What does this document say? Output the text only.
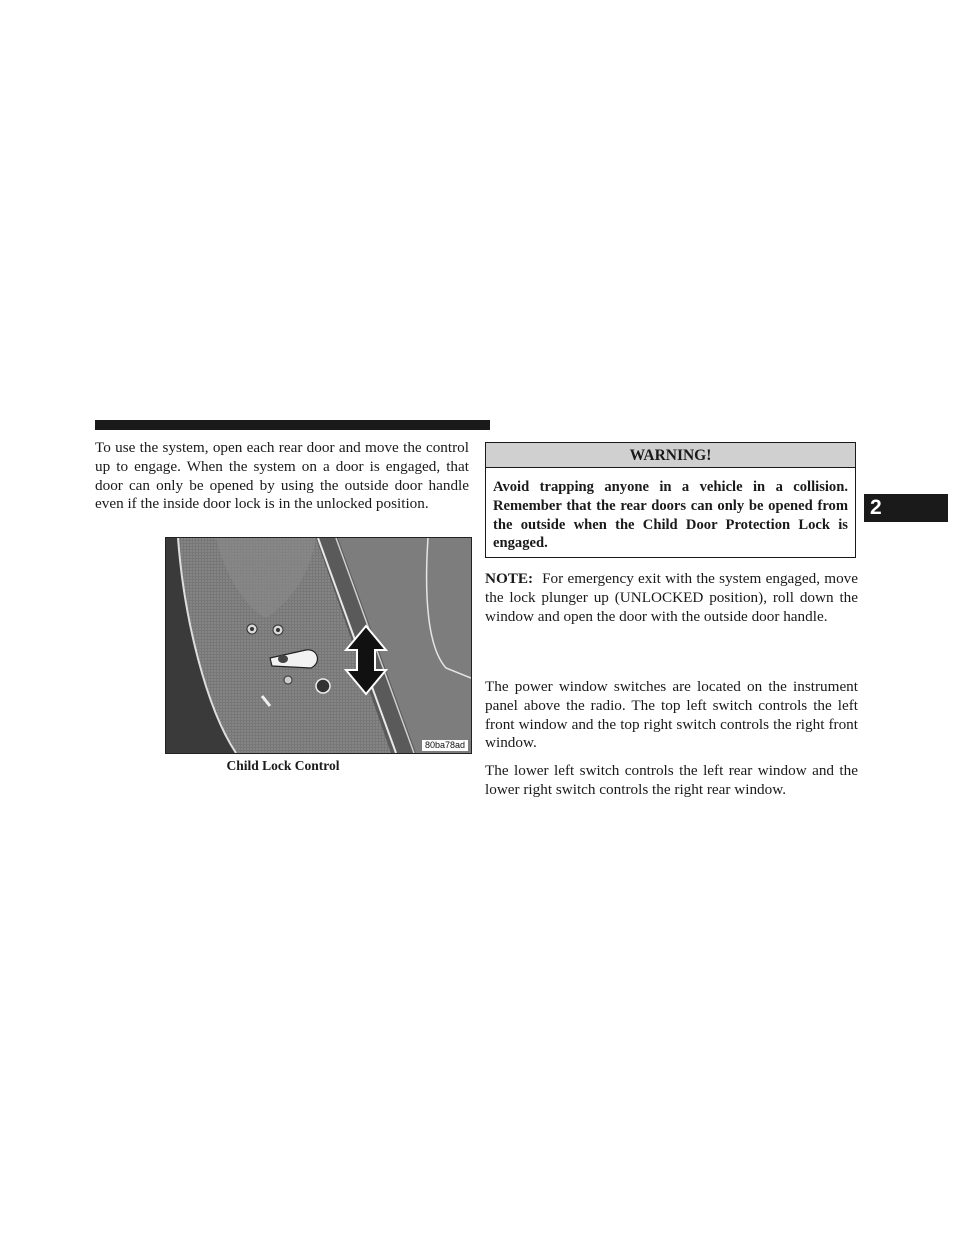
To use the system, open each rear door and move the control up to engage. When the system on a door is engaged, that door can only be opened by using the outside door handle even if the inside door lock is in the unlocked position.

80ba78ad
Child Lock Control
WARNING!

Avoid trapping anyone in a vehicle in a collision. Remember that the rear doors can only be opened from the outside when the Child Door Protection Lock is engaged.

NOTE: For emergency exit with the system engaged, move the lock plunger up (UNLOCKED position), roll down the window and open the door with the outside door handle.

The power window switches are located on the instrument panel above the radio. The top left switch controls the left front window and the top right switch controls the right front window.

The lower left switch controls the left rear window and the lower right switch controls the right rear window.

2
